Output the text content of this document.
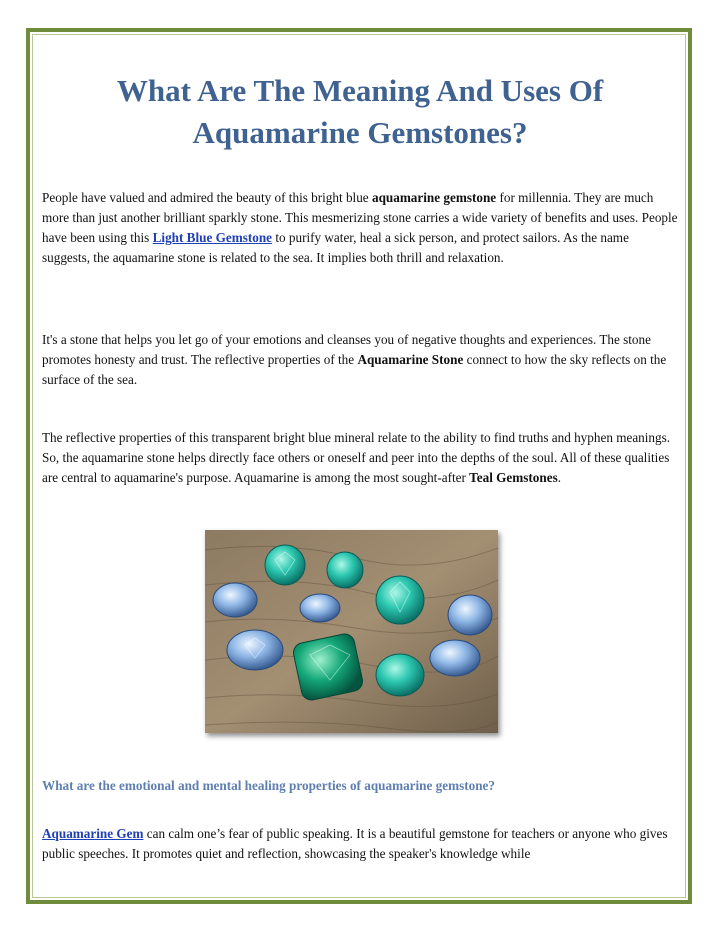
What Are The Meaning And Uses Of
Aquamarine Gemstones?

People have valued and admired the beauty of this bright blue aquamarine gemstone for millennia. They are much more than just another brilliant sparkly stone. This mesmerizing stone carries a wide variety of benefits and uses. People have been using this Light Blue Gemstone to purify water, heal a sick person, and protect sailors. As the name suggests, the aquamarine stone is related to the sea. It implies both thrill and relaxation.

It's a stone that helps you let go of your emotions and cleanses you of negative thoughts and experiences. The stone promotes honesty and trust. The reflective properties of the Aquamarine Stone connect to how the sky reflects on the surface of the sea.

The reflective properties of this transparent bright blue mineral relate to the ability to find truths and hyphen meanings. So, the aquamarine stone helps directly face others or oneself and peer into the depths of the soul. All of these qualities are central to aquamarine's purpose. Aquamarine is among the most sought-after Teal Gemstones.

What are the emotional and mental healing properties of aquamarine gemstone?

Aquamarine Gem can calm one’s fear of public speaking. It is a beautiful gemstone for teachers or anyone who gives public speeches. It promotes quiet and reflection, showcasing the speaker's knowledge while
